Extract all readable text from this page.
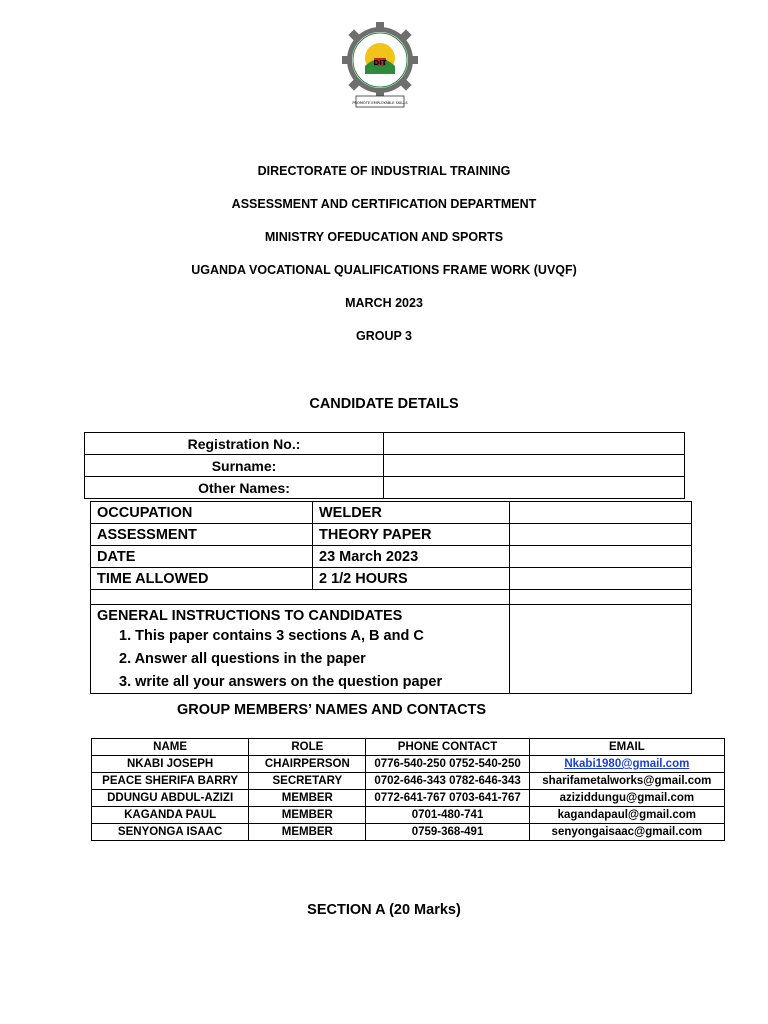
DIT
PROMOTE EMPLOYABLE SKILLS
DIRECTORATE OF INDUSTRIAL TRAINING
ASSESSMENT AND CERTIFICATION DEPARTMENT
MINISTRY OFEDUCATION AND SPORTS
UGANDA VOCATIONAL QUALIFICATIONS FRAME WORK (UVQF)
MARCH 2023
GROUP 3
CANDIDATE DETAILS
Registration No.:	
Surname:	
Other Names:	
OCCUPATION	WELDER	
ASSESSMENT	THEORY PAPER	
DATE	23 March 2023	
TIME ALLOWED	2 1/2 HOURS	

GENERAL INSTRUCTIONS TO CANDIDATES
1. This paper contains 3 sections A, B and C
2. Answer all questions in the paper
3. write all your answers on the question paper		

GROUP MEMBERS’ NAMES AND CONTACTS
NAME	ROLE	PHONE CONTACT	EMAIL
NKABI JOSEPH	CHAIRPERSON	0776-540-250 0752-540-250	Nkabi1980@gmail.com
PEACE SHERIFA BARRY	SECRETARY	0702-646-343 0782-646-343	sharifametalworks@gmail.com
DDUNGU ABDUL-AZIZI	MEMBER	0772-641-767 0703-641-767	aziziddungu@gmail.com
KAGANDA PAUL	MEMBER	0701-480-741	kagandapaul@gmail.com
SENYONGA ISAAC	MEMBER	0759-368-491	senyongaisaac@gmail.com
SECTION A (20 Marks)
